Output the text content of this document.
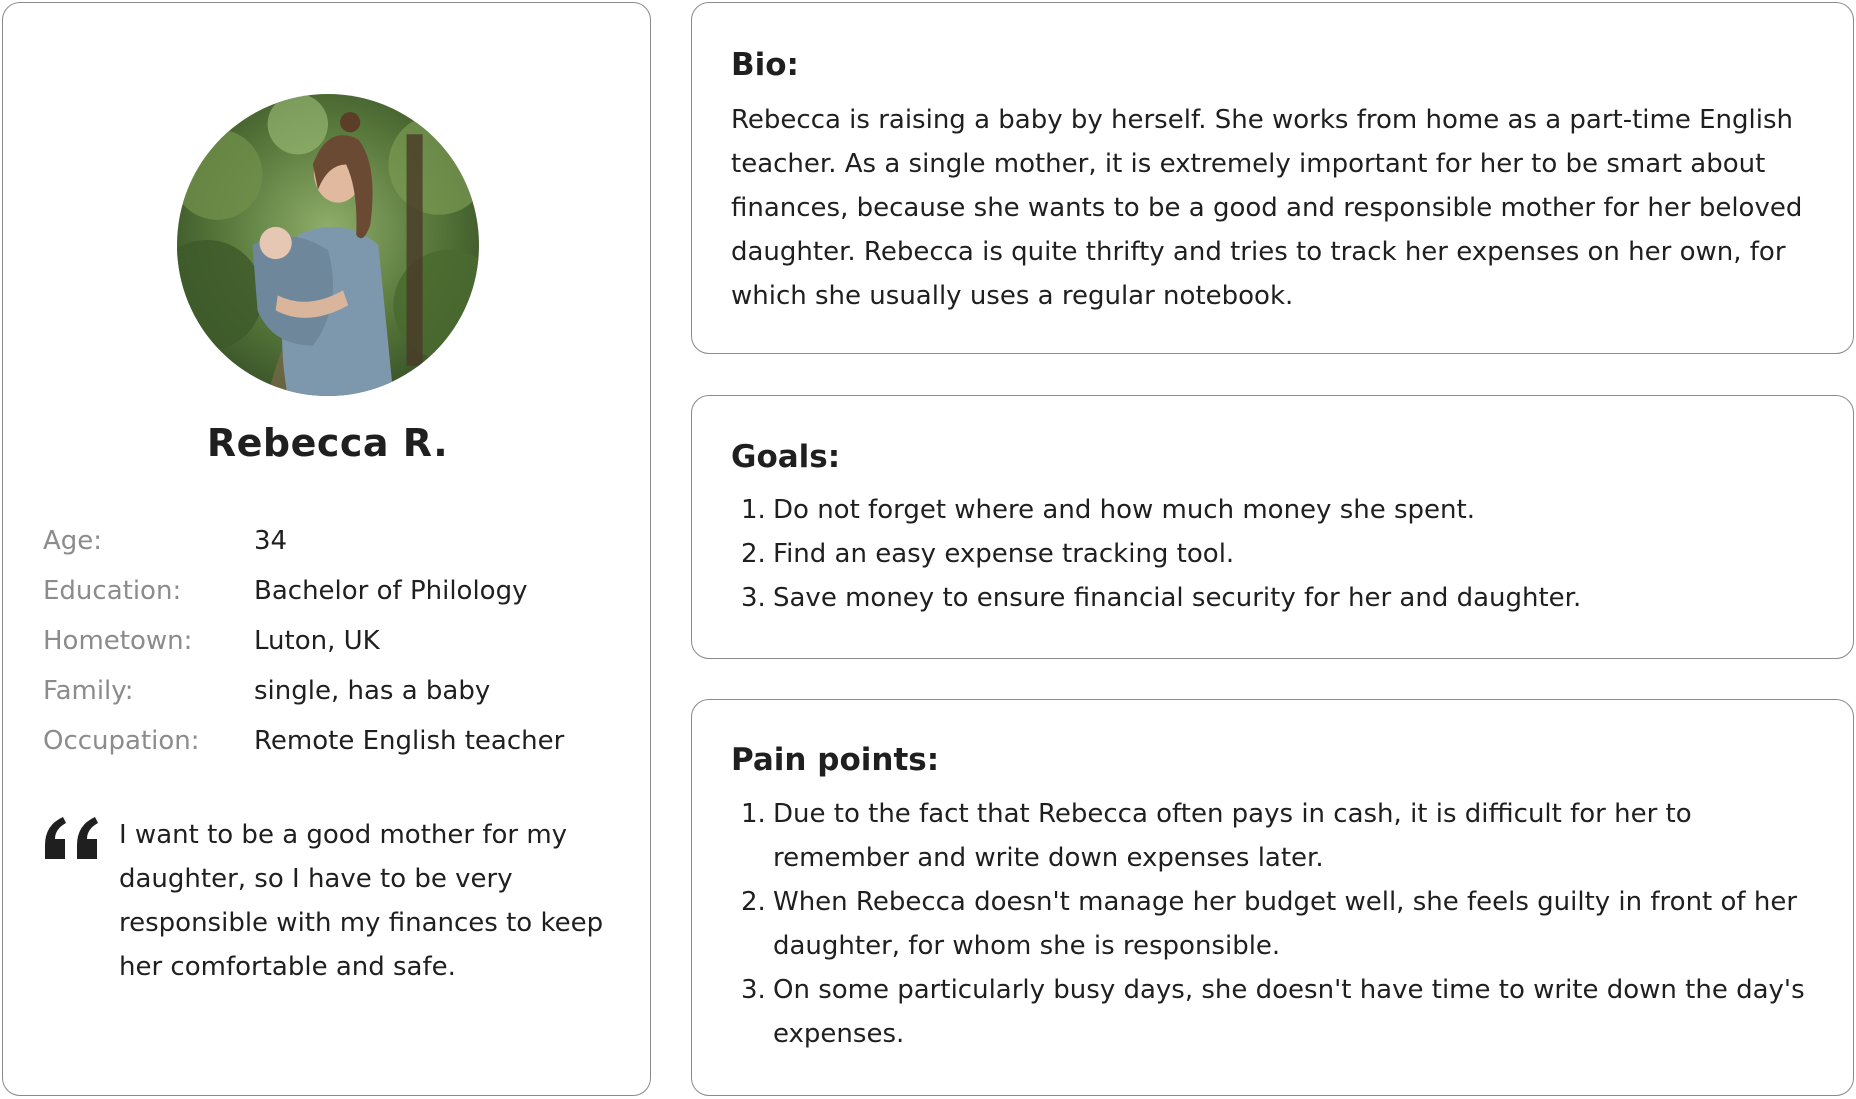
Rebecca R.
Age:	34
Education:	Bachelor of Philology
Hometown: Luton, UK
Family:	single, has a baby
Occupation: Remote English teacher

I want to be a good mother for my daughter, so I have to be very responsible with my finances to keep her comfortable and safe.

Bio:

Rebecca is raising a baby by herself. She works from home as a part-time English teacher. As a single mother, it is extremely important for her to be smart about finances, because she wants to be a good and responsible mother for her beloved daughter. Rebecca is quite thrifty and tries to track her expenses on her own, for which she usually uses a regular notebook.

Goals:
1. Do not forget where and how much money she spent.
2. Find an easy expense tracking tool.
3. Save money to ensure financial security for her and daughter.
Pain points:
1. Due to the fact that Rebecca often pays in cash, it is difficult for her to remember and write down expenses later.
2. When Rebecca doesn't manage her budget well, she feels guilty in front of her daughter, for whom she is responsible.
3. On some particularly busy days, she doesn't have time to write down the day's expenses.
